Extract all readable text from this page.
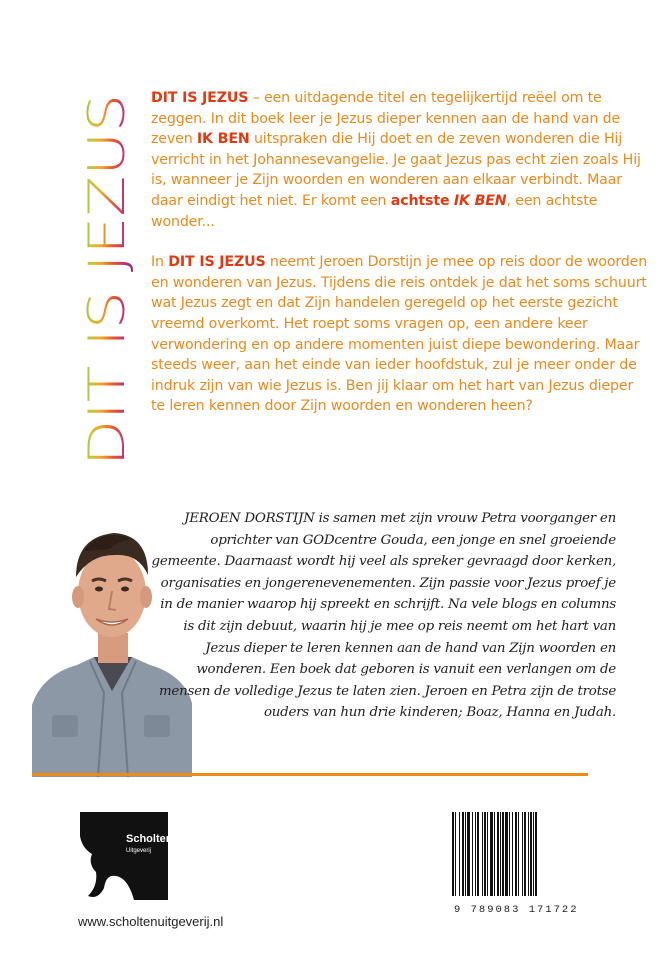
DIT IS JEZUS

DIT IS JEZUS – een uitdagende titel en tegelijkertijd reëel om te zeggen. In dit boek leer je Jezus dieper kennen aan de hand van de zeven IK BEN uitspraken die Hij doet en de zeven wonderen die Hij verricht in het Johannesevangelie. Je gaat Jezus pas echt zien zoals Hij is, wanneer je Zijn woorden en wonderen aan elkaar verbindt. Maar daar eindigt het niet. Er komt een achtste IK BEN, een achtste wonder...

In DIT IS JEZUS neemt Jeroen Dorstijn je mee op reis door de woorden en wonderen van Jezus. Tijdens die reis ontdek je dat het soms schuurt wat Jezus zegt en dat Zijn handelen geregeld op het eerste gezicht vreemd overkomt. Het roept soms vragen op, een andere keer verwondering en op andere momenten juist diepe bewondering. Maar steeds weer, aan het einde van ieder hoofdstuk, zul je meer onder de indruk zijn van wie Jezus is. Ben jij klaar om het hart van Jezus dieper te leren kennen door Zijn woorden en wonderen heen?

JEROEN DORSTIJN is samen met zijn vrouw Petra voorganger en oprichter van GODcentre Gouda, een jonge en snel groeiende gemeente. Daarnaast wordt hij veel als spreker gevraagd door kerken, organisaties en jongerenevenementen. Zijn passie voor Jezus proef je in de manier waarop hij spreekt en schrijft. Na vele blogs en columns is dit zijn debuut, waarin hij je mee op reis neemt om het hart van Jezus dieper te leren kennen aan de hand van Zijn woorden en wonderen. Een boek dat geboren is vanuit een verlangen om de mensen de volledige Jezus te laten zien. Jeroen en Petra zijn de trotse ouders van hun drie kinderen; Boaz, Hanna en Judah.
Scholten
Uitgeverij
www.scholtenuitgeverij.nl
9 789083 171722
